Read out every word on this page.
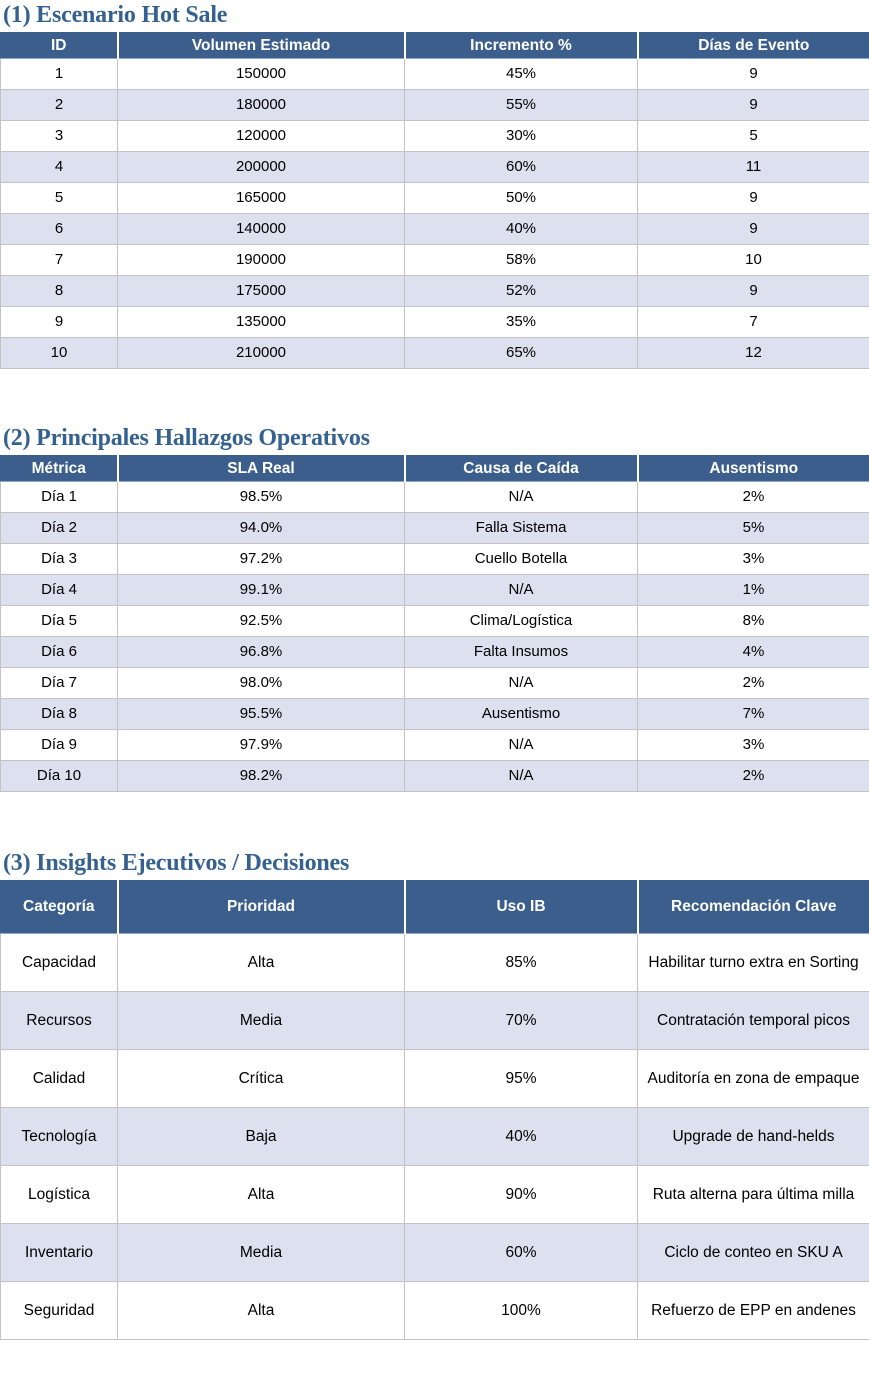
(1) Escenario Hot Sale
ID	Volumen Estimado	Incremento %	Días de Evento
1	150000	45%	9
2	180000	55%	9
3	120000	30%	5
4	200000	60%	11
5	165000	50%	9
6	140000	40%	9
7	190000	58%	10
8	175000	52%	9
9	135000	35%	7
10	210000	65%	12
(2) Principales Hallazgos Operativos
Métrica	SLA Real	Causa de Caída	Ausentismo
Día 1	98.5%	N/A	2%
Día 2	94.0%	Falla Sistema	5%
Día 3	97.2%	Cuello Botella	3%
Día 4	99.1%	N/A	1%
Día 5	92.5%	Clima/Logística	8%
Día 6	96.8%	Falta Insumos	4%
Día 7	98.0%	N/A	2%
Día 8	95.5%	Ausentismo	7%
Día 9	97.9%	N/A	3%
Día 10	98.2%	N/A	2%
(3) Insights Ejecutivos / Decisiones
Categoría	Prioridad	Uso IB	Recomendación Clave
Capacidad	Alta	85%	Habilitar turno extra en Sorting
Recursos	Media	70%	Contratación temporal picos
Calidad	Crítica	95%	Auditoría en zona de empaque
Tecnología	Baja	40%	Upgrade de hand-helds
Logística	Alta	90%	Ruta alterna para última milla
Inventario	Media	60%	Ciclo de conteo en SKU A
Seguridad	Alta	100%	Refuerzo de EPP en andenes
